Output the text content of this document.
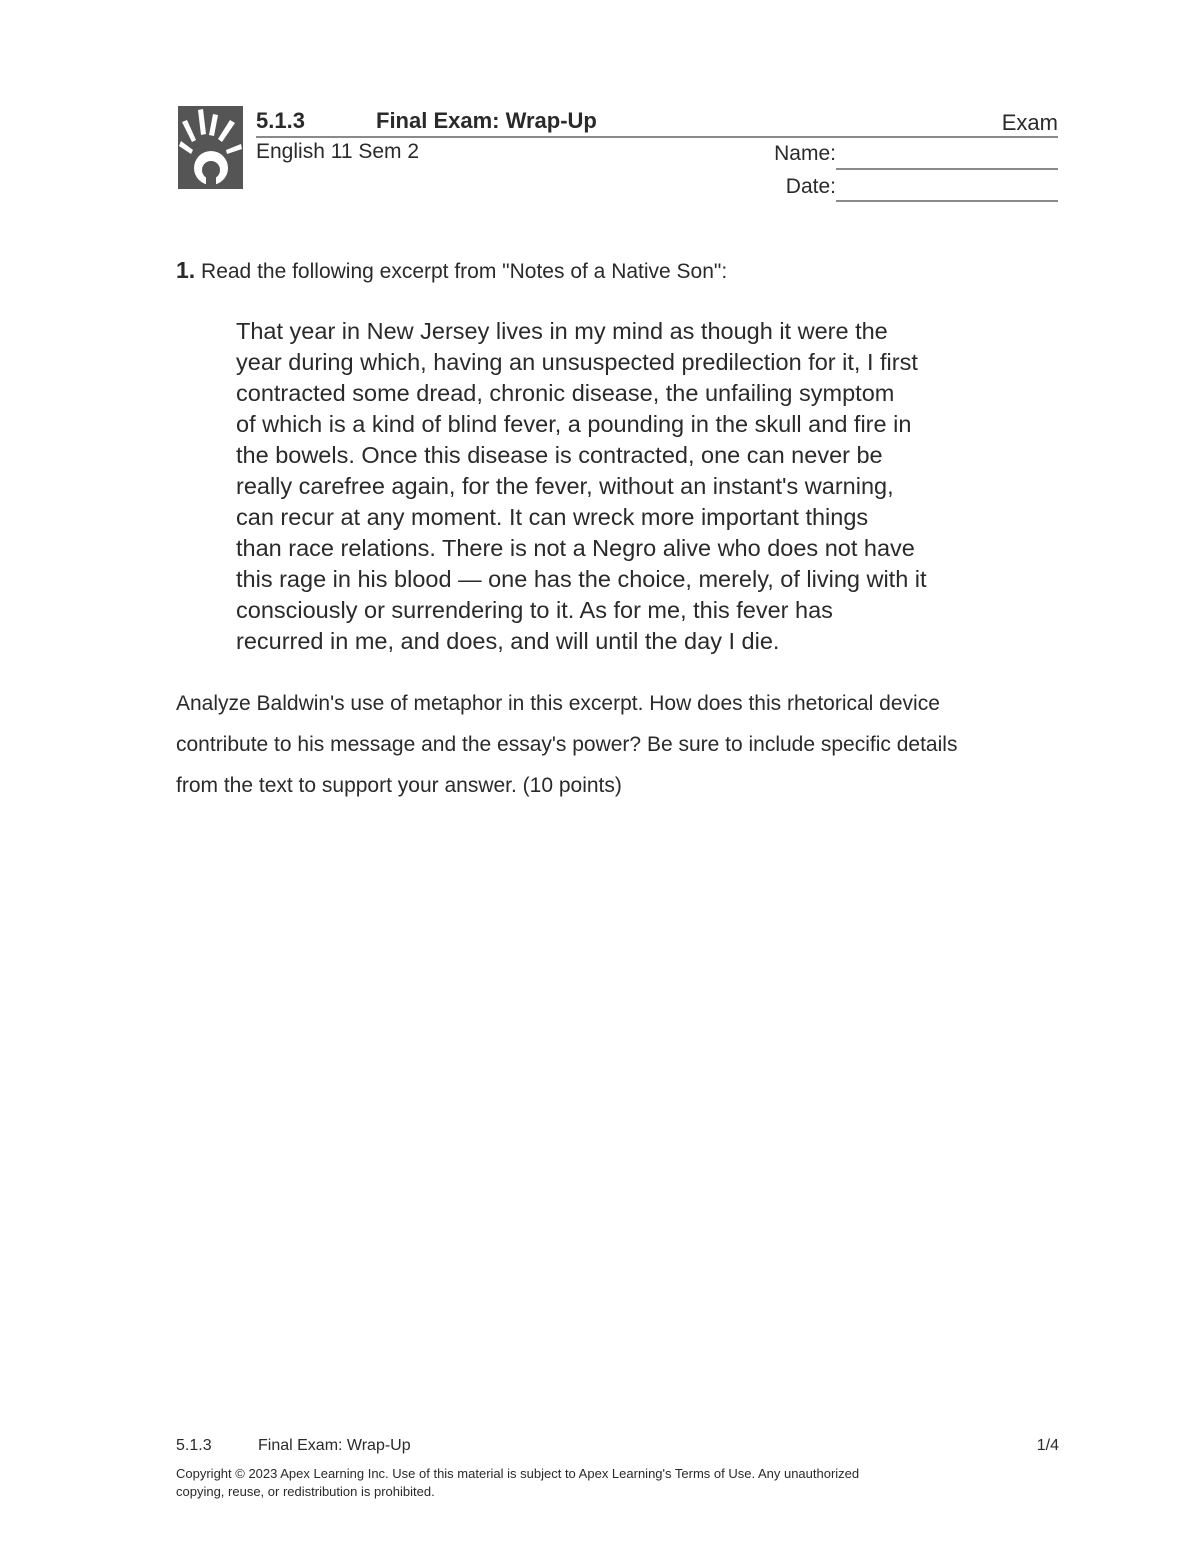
5.1.3	Final Exam: Wrap-Up	Exam
English 11 Sem 2	Name:
Date:
1. Read the following excerpt from "Notes of a Native Son":
That year in New Jersey lives in my mind as though it were the
year during which, having an unsuspected predilection for it, I first
contracted some dread, chronic disease, the unfailing symptom
of which is a kind of blind fever, a pounding in the skull and fire in
the bowels. Once this disease is contracted, one can never be
really carefree again, for the fever, without an instant's warning,
can recur at any moment. It can wreck more important things
than race relations. There is not a Negro alive who does not have
this rage in his blood — one has the choice, merely, of living with it
consciously or surrendering to it. As for me, this fever has
recurred in me, and does, and will until the day I die.
Analyze Baldwin's use of metaphor in this excerpt. How does this rhetorical device
contribute to his message and the essay's power? Be sure to include specific details
from the text to support your answer. (10 points)
5.1.3	Final Exam: Wrap-Up	1/4
Copyright © 2023 Apex Learning Inc. Use of this material is subject to Apex Learning's Terms of Use. Any unauthorized
copying, reuse, or redistribution is prohibited.
